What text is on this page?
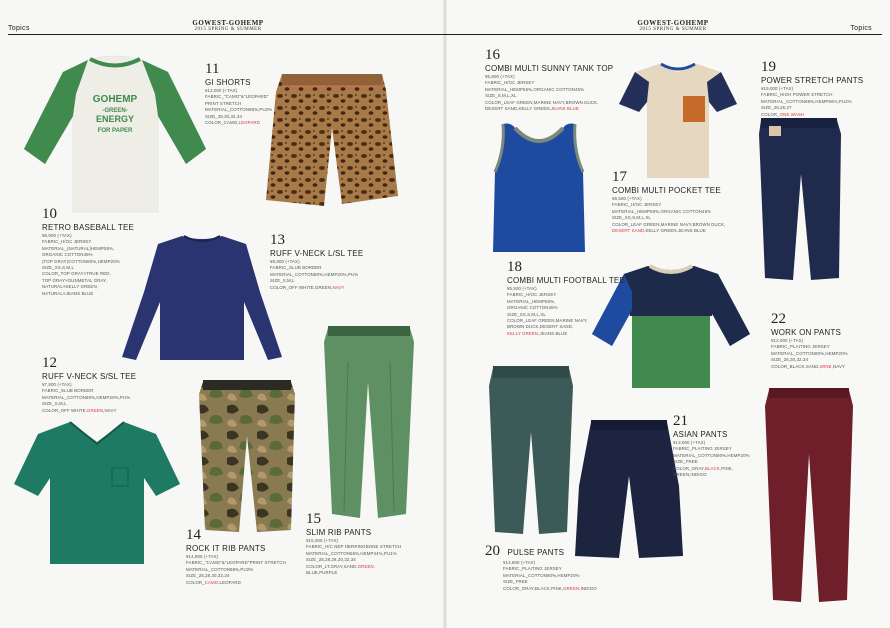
Topics
GOWEST-GOHEMP
2015 SPRING & SUMMER
GOHEMP
-GREEN-
ENERGY
FOR PAPER
11
GI SHORTS
¥12,000 (+TAX)
FABRIC_"CAMO"&"LEOPARD"
PRINT STRETCH
MATERIAL_COTTON98%,PU2%
SIZE_28,30,32,34
COLOR_CAMO,LEOPARD
10
RETRO BASEBALL TEE
¥5,900 (+TAX)
FABRIC_H/OC JERSEY
MATERIAL_(NATURAL)HEMP55%,
ORGANIC COTTON45%
(TOP GRAY)COTTON80%,HEMP20%
SIZE_XS,S,M,L
COLOR_TOP GRAY×TRUE RED,
TOP GRAY×GUNMETAL GRAY,
NATURAL×KELLY GREEN,
NATURAL×JEANS BLUE
13
RUFF V-NECK L/SL TEE
¥8,900 (+TAX)
FABRIC_SLUB BORDER
MATERIAL_COTTON80%,HEMP20%,PU%
SIZE_S,M,L
COLOR_OFF WHITE,GREEN,NAVY
12
RUFF V-NECK S/SL TEE
¥7,800 (+TAX)
FABRIC_SLUB BORDER
MATERIAL_COTTON80%,HEMP20%,PU%
SIZE_S,M,L
COLOR_OFF WHITE,GREEN,NAVY
14
ROCK IT RIB PANTS
¥14,800 (+TAX)
FABRIC_"CAMO"&"LEOPARD"PRINT STRETCH
MATERIAL_COTTON98%,PU2%
SIZE_28,28,30,32,34
COLOR_CAMO,LEOPARD
15
SLIM RIB PANTS
¥15,000 (+TAX)
FABRIC_H/C NEP HERRINGBONE STRETCH
MATERIAL_COTTON55%,HEMP44%,PU1%
SIZE_28,28,28,30,32,34
COLOR_LT.GRAY,SAND,GREEN,
BLUE,PURPLE
GOWEST-GOHEMP
2015 SPRING & SUMMER	Topics
16
COMBI MULTI SUNNY TANK TOP
¥5,800 (+TAX)
FABRIC_H/OC JERSEY
MATERIAL_HEMP55%,ORGANIC COTTON45%
SIZE_S,M,L,XL
COLOR_LEAF GREEN,MARINE NAVY,BROWN DUCK,
DESERT SAND,KELLY GREEN,JEANS BLUE
19
POWER STRETCH PANTS
¥19,000 (+TAX)
FABRIC_HIGH POWER STRETCH
MATERIAL_COTTON98%,HEMP56%,PU2%
SIZE_28,26,27
COLOR_ONE WASH
17
COMBI MULTI POCKET TEE
¥6,500 (+TAX)
FABRIC_H/OC JERSEY
MATERIAL_HEMP55%,ORGANIC COTTON45%
SIZE_XS,S,M,L,XL
COLOR_LEAF GREEN,MARINE NAVY,BROWN DUCK,
DESERT SAND,KELLY GREEN,JEANS BLUE
18
COMBI MULTI FOOTBALL TEE
¥5,500 (+TAX)
FABRIC_H/OC JERSEY
MATERIAL_HEMP55%,
ORGANIC COTTON45%
SIZE_XS,S,M,L,XL
COLOR_LEAF GREEN,MARINE NAVY,
BROWN DUCK,DESERT SAND,
KELLY GREEN,JEANS BLUE
22
WORK ON PANTS
¥12,000 (+TAX)
FABRIC_PLAITING JERSEY
MATERIAL_COTTON80%,HEMP20%
SIZE_26,30,32,34
COLOR_BLACK,SAND,WINE,NAVY
21
ASIAN PANTS
¥13,000 (+TAX)
FABRIC_PLAITING JERSEY
MATERIAL_COTTON80%,HEMP20%
SIZE_FREE
COLOR_GRAY,BLACK,PINK,
GREEN,INDIGO
20 PULSE PANTS
¥13,800 (+TAX)
FABRIC_PLAITING JERSEY
MATERIAL_COTTON80%,HEMP20%
SIZE_FREE
COLOR_GRAY,BLACK,PINK,GREEN,INDIGO
